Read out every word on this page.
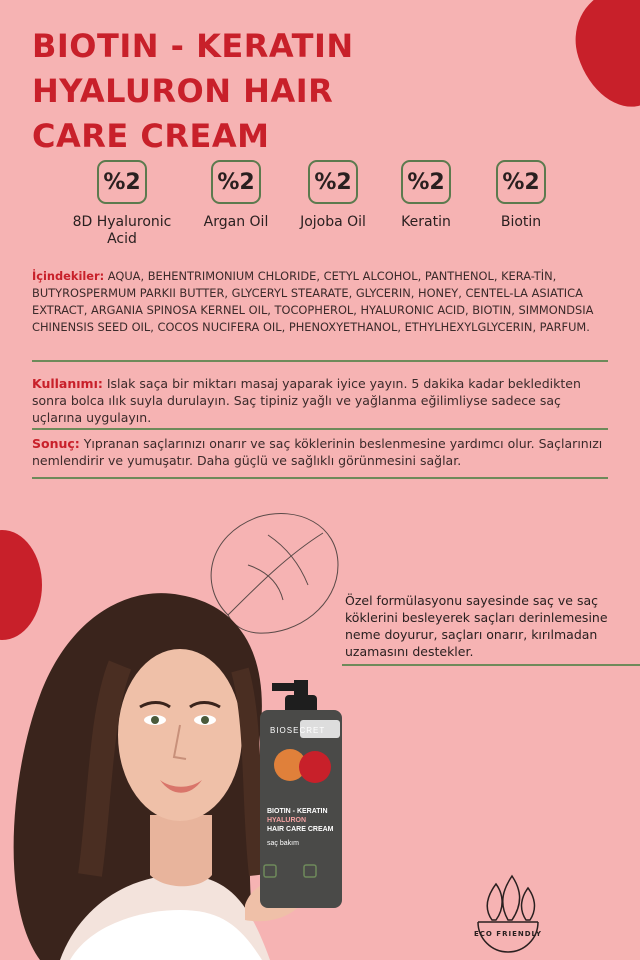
BIOTIN - KERATIN
HYALURON HAIR
CARE CREAM
%2
8D Hyaluronic
Acid
%2
Argan Oil
%2
Jojoba Oil
%2
Keratin
%2
Biotin
İçindekiler: AQUA, BEHENTRIMONIUM CHLORIDE, CETYL ALCOHOL, PANTHENOL, KERA-TİN, BUTYROSPERMUM PARKII BUTTER, GLYCERYL STEARATE, GLYCERIN, HONEY, CENTEL-LA ASIATICA EXTRACT, ARGANIA SPINOSA KERNEL OIL, TOCOPHEROL, HYALURONIC ACID, BIOTIN, SIMMONDSIA CHINENSIS SEED OIL, COCOS NUCIFERA OIL, PHENOXYETHANOL, ETHYLHEXYLGLYCERIN, PARFUM.
Kullanımı: Islak saça bir miktarı masaj yaparak iyice yayın. 5 dakika kadar bekledikten sonra bolca ılık suyla durulayın. Saç tipiniz yağlı ve yağlanma eğilimliyse sadece saç uçlarına uygulayın.
Sonuç: Yıpranan saçlarınızı onarır ve saç köklerinin beslenmesine yardımcı olur. Saçlarınızı nemlendirir ve yumuşatır. Daha güçlü ve sağlıklı görünmesini sağlar.
Özel formülasyonu sayesinde saç ve saç köklerini besleyerek saçları derinlemesine neme doyurur, saçları onarır, kırılmadan uzamasını destekler.
BIOSECRET
BIOTIN - KERATIN
HYALURON
HAIR CARE CREAM
saç bakım
ECO FRIENDLY
